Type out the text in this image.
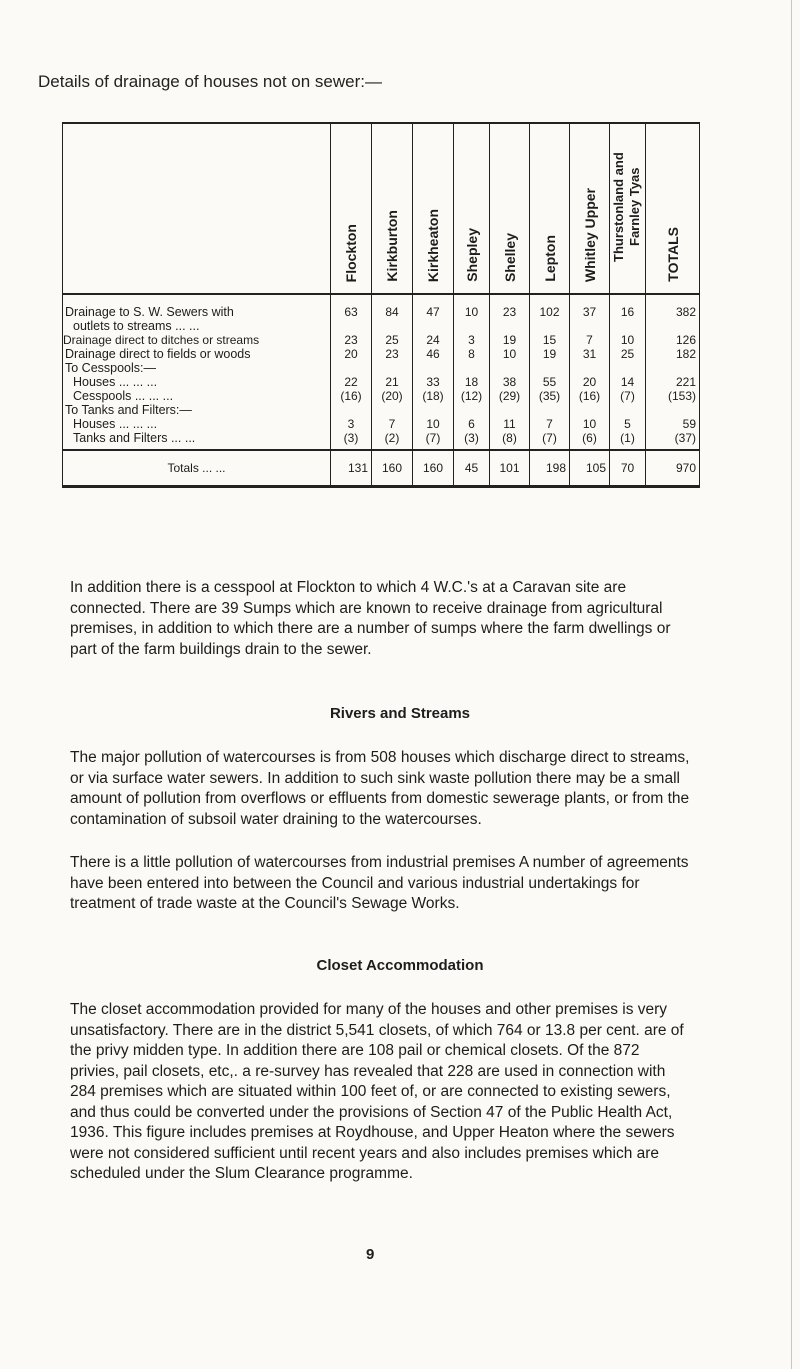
Details of drainage of houses not on sewer:—
	Flockton	Kirkburton	Kirkheaton	Shepley	Shelley	Lepton	Whitley Upper	Thurstonland and Farnley Tyas	TOTALS

Drainage to S. W. Sewers with	63	84	47	10	23	102	37	16	382
outlets to streams ... ...									
Drainage direct to ditches or streams	23	25	24	3	19	15	7	10	126
Drainage direct to fields or woods	20	23	46	8	10	19	31	25	182
To Cesspools:—									
Houses ... ... ...	22	21	33	18	38	55	20	14	221
Cesspools ... ... ...	(16)	(20)	(18)	(12)	(29)	(35)	(16)	(7)	(153)
To Tanks and Filters:—									
Houses ... ... ...	3	7	10	6	11	7	10	5	59
Tanks and Filters ... ...	(3)	(2)	(7)	(3)	(8)	(7)	(6)	(1)	(37)

Totals ... ...	131	160	160	45	101	198	105	70	970

In addition there is a cesspool at Flockton to which 4 W.C.'s at a Caravan site are connected. There are 39 Sumps which are known to receive drainage from agricultural premises, in addition to which there are a number of sumps where the farm dwellings or part of the farm buildings drain to the sewer.

Rivers and Streams

The major pollution of watercourses is from 508 houses which discharge direct to streams, or via surface water sewers. In addition to such sink waste pollution there may be a small amount of pollution from overflows or effluents from domestic sewerage plants, or from the contamination of subsoil water draining to the watercourses.

There is a little pollution of watercourses from industrial premises A number of agreements have been entered into between the Council and various industrial undertakings for treatment of trade waste at the Council's Sewage Works.

Closet Accommodation

The closet accommodation provided for many of the houses and other premises is very unsatisfactory. There are in the district 5,541 closets, of which 764 or 13.8 per cent. are of the privy midden type. In addition there are 108 pail or chemical closets. Of the 872 privies, pail closets, etc,. a re-survey has revealed that 228 are used in connection with 284 premises which are situated within 100 feet of, or are connected to existing sewers, and thus could be converted under the provisions of Section 47 of the Public Health Act, 1936. This figure includes premises at Roydhouse, and Upper Heaton where the sewers were not considered sufficient until recent years and also includes premises which are scheduled under the Slum Clearance programme.

9
